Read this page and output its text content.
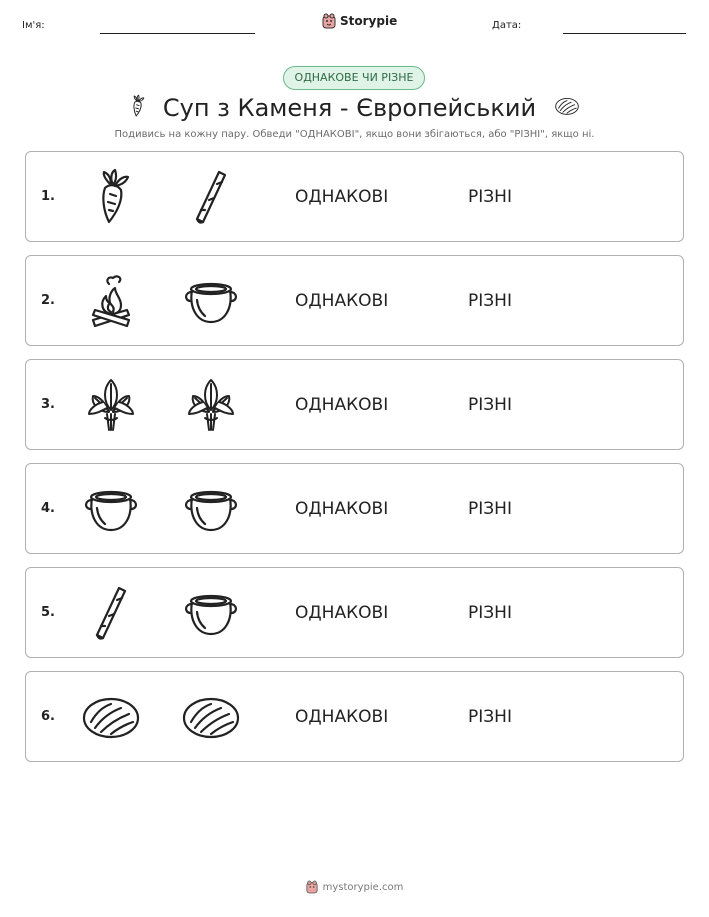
Ім'я:	Storypie	Дата:
ОДНАКОВЕ ЧИ РІЗНЕ
Суп з Каменя - Європейський
Подивись на кожну пару. Обведи "ОДНАКОВІ", якщо вони збігаються, або "РІЗНІ", якщо ні.
1.	ОДНАКОВІ	РІЗНІ
2.	ОДНАКОВІ	РІЗНІ
3.	ОДНАКОВІ	РІЗНІ
4.	ОДНАКОВІ	РІЗНІ
5.	ОДНАКОВІ	РІЗНІ
6.	ОДНАКОВІ	РІЗНІ
mystorypie.com
